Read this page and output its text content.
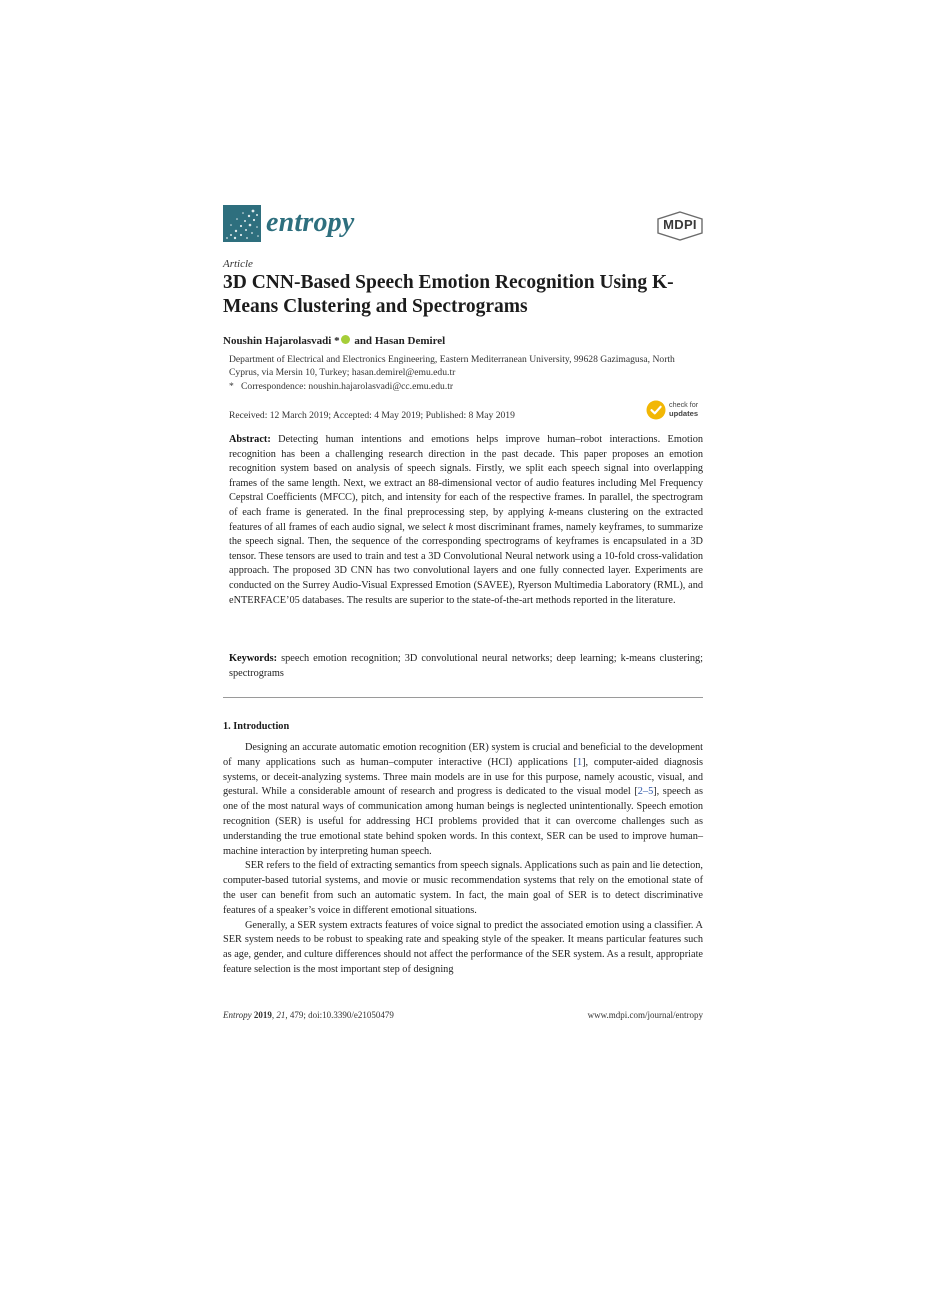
entropy	MDPI
Article
3D CNN-Based Speech Emotion Recognition Using K-Means Clustering and Spectrograms
Noushin Hajarolasvadi * and Hasan Demirel
Department of Electrical and Electronics Engineering, Eastern Mediterranean University, 99628 Gazimagusa, North Cyprus, via Mersin 10, Turkey; hasan.demirel@emu.edu.tr
* Correspondence: noushin.hajarolasvadi@cc.emu.edu.tr
Received: 12 March 2019; Accepted: 4 May 2019; Published: 8 May 2019
check for
updates
Abstract: Detecting human intentions and emotions helps improve human–robot interactions. Emotion recognition has been a challenging research direction in the past decade. This paper proposes an emotion recognition system based on analysis of speech signals. Firstly, we split each speech signal into overlapping frames of the same length. Next, we extract an 88-dimensional vector of audio features including Mel Frequency Cepstral Coefficients (MFCC), pitch, and intensity for each of the respective frames. In parallel, the spectrogram of each frame is generated. In the final preprocessing step, by applying k-means clustering on the extracted features of all frames of each audio signal, we select k most discriminant frames, namely keyframes, to summarize the speech signal. Then, the sequence of the corresponding spectrograms of keyframes is encapsulated in a 3D tensor. These tensors are used to train and test a 3D Convolutional Neural network using a 10-fold cross-validation approach. The proposed 3D CNN has two convolutional layers and one fully connected layer. Experiments are conducted on the Surrey Audio-Visual Expressed Emotion (SAVEE), Ryerson Multimedia Laboratory (RML), and eNTERFACE’05 databases. The results are superior to the state-of-the-art methods reported in the literature.
Keywords: speech emotion recognition; 3D convolutional neural networks; deep learning; k-means clustering; spectrograms
1. Introduction

Designing an accurate automatic emotion recognition (ER) system is crucial and beneficial to the development of many applications such as human–computer interactive (HCI) applications [1], computer-aided diagnosis systems, or deceit-analyzing systems. Three main models are in use for this purpose, namely acoustic, visual, and gestural. While a considerable amount of research and progress is dedicated to the visual model [2–5], speech as one of the most natural ways of communication among human beings is neglected unintentionally. Speech emotion recognition (SER) is useful for addressing HCI problems provided that it can overcome challenges such as understanding the true emotional state behind spoken words. In this context, SER can be used to improve human–machine interaction by interpreting human speech.

SER refers to the field of extracting semantics from speech signals. Applications such as pain and lie detection, computer-based tutorial systems, and movie or music recommendation systems that rely on the emotional state of the user can benefit from such an automatic system. In fact, the main goal of SER is to detect discriminative features of a speaker’s voice in different emotional situations.

Generally, a SER system extracts features of voice signal to predict the associated emotion using a classifier. A SER system needs to be robust to speaking rate and speaking style of the speaker. It means particular features such as age, gender, and culture differences should not affect the performance of the SER system. As a result, appropriate feature selection is the most important step of designing

Entropy 2019, 21, 479; doi:10.3390/e21050479	www.mdpi.com/journal/entropy
